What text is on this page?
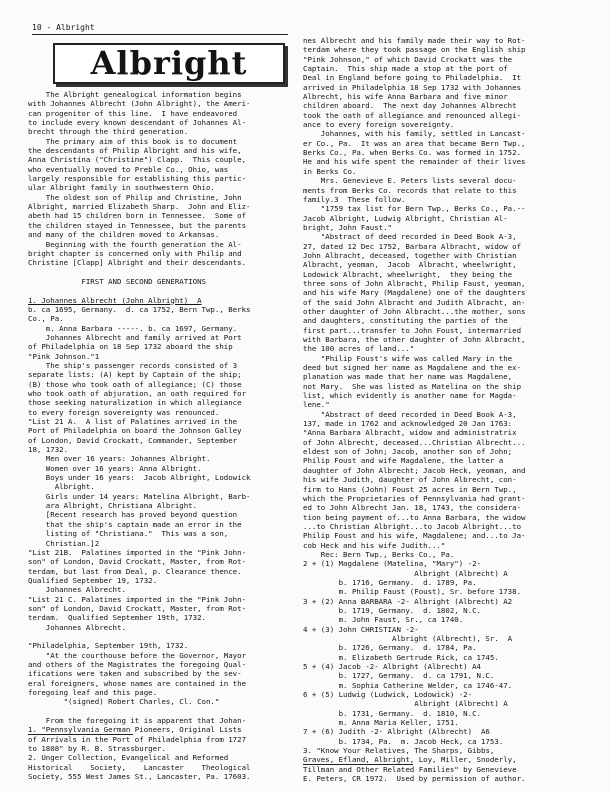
10 - Albright
Albright
The Albright genealogical information begins
with Johannes Albrecht (John Albright), the Ameri-
can progenitor of this line.  I have endeavored
to include every known descendant of Johannes Al-
brecht through the third generation.
The primary aim of this book is to document
the descendants of Philip Albright and his wife,
Anna Christina ("Christine") Clapp.  This couple,
who eventually moved to Preble Co., Ohio, was
largely responsible for establishing this partic-
ular Albright family in southwestern Ohio.
The oldest son of Philip and Christine, John
Albright, married Elizabeth Sharp.  John and Eliz-
abeth had 15 children born in Tennessee.  Some of
the children stayed in Tennessee, but the parents
and many of the children moved to Arkansas.
Beginning with the fourth generation the Al-
bright chapter is concerned only with Philip and
Christine [Clapp] Albright and their descendants.
FIRST AND SECOND GENERATIONS
1. Johannes Albrecht (John Albright)  A
b. ca 1695, Germany.  d. ca 1752, Bern Twp., Berks
Co., Pa.
m. Anna Barbara -----. b. ca 1697, Germany.
Johannes Albrecht and family arrived at Port
of Philadelphia on 18 Sep 1732 aboard the ship
"Pink Johnson."1
The ship's passenger records consisted of 3
separate lists: (A) kept by Captain of the ship;
(B) those who took oath of allegiance; (C) those
who took oath of abjuration, an oath required for
those seeking naturalization in which allegiance
to every foreign sovereignty was renounced.
"List 21 A.  A list of Palatines arrived in the
Port of Philadelphia on board the Johnson Galley
of London, David Crockatt, Commander, September
18, 1732.
Men over 16 years: Johannes Albright.
Women over 16 years: Anna Albright.
Boys under 16 years:  Jacob Albright, Lodowick
Albright.
Girls under 14 years: Matelina Albright, Barb-
ara Albright, Christiana Albright.
[Recent research has proved beyond question
that the ship's captain made an error in the
listing of "Christiana."  This was a son,
Christian.]2
"List 21B.  Palatines imported in the "Pink John-
son" of London, David Crockatt, Master, from Rot-
terdam, but last from Deal, p. Clearance thence.
Qualified September 19, 1732.
Johannes Albrecht.
"List 21 C. Palatines imported in the "Pink John-
son" of London, David Crockatt, Master, from Rot-
terdam.  Qualified September 19th, 1732.
Johannes Albrecht.
"Philadelphia, September 19th, 1732.
"At the courthouse before the Governor, Mayor
and others of the Magistrates the foregoing Qual-
ifications were taken and subscribed by the sev-
eral foreigners, whose names are contained in the
foregoing leaf and this page.
"(signed) Robert Charles, Cl. Con."
From the foregoing it is apparent that Johan-
1. "Pennsylvania German Pioneers, Original Lists
of Arrivals in the Port of Philadelphia from 1727
to 1808" by R. B. Strassburger.
2. Unger Collection, Evangelical and Reformed
Historical    Society,    Lancaster    Theological
Society, 555 West James St., Lancaster, Pa. 17603.
nes Albrecht and his family made their way to Rot-
terdam where they took passage on the English ship
"Pink Johnson," of which David Crockatt was the
Captain.  This ship made a stop at the port of
Deal in England before going to Philadelphia.  It
arrived in Philadelphia 18 Sep 1732 with Johannes
Albrecht, his wife Anna Barbara and five minor
children aboard.  The next day Johannes Albrecht
took the oath of allegiance and renounced allegi-
ance to every foreign sovereignty.
Johannes, with his family, settled in Lancast-
er Co., Pa.  It was an area that became Bern Twp.,
Berks Co., Pa. when Berks Co. was formed in 1752.
He and his wife spent the remainder of their lives
in Berks Co.
Mrs. Genevieve E. Peters lists several docu-
ments from Berks Co. records that relate to this
family.3  These follow.
"1759 tax list for Bern Twp., Berks Co., Pa.--
Jacob Albright, Ludwig Albright, Christian Al-
bright, John Faust."
"Abstract of deed recorded in Deed Book A-3,
27, dated 12 Dec 1752, Barbara Albracht, widow of
John Albracht, deceased, together with Christian
Albracht, yeoman,  Jacob  Albracht, wheelwright,
Lodowick Albracht, wheelwright,  they being the
three sons of John Albracht, Philip Faust, yeoman,
and his wife Mary (Magdalene) one of the daughters
of the said John Albracht and Judith Albracht, an-
other daughter of John Albracht...the mother, sons
and daughters, constituting the parties of the
first part...transfer to John Foust, intermarried
with Barbara, the other daughter of John Albracht,
the 100 acres of land..."
"Philip Foust's wife was called Mary in the
deed but signed her name as Magdalene and the ex-
planation was made that her name was Magdalene,
not Mary.  She was listed as Matelina on the ship
list, which evidently is another name for Magda-
lene."
"Abstract of deed recorded in Deed Book A-3,
137, made in 1762 and acknowledged 20 Jan 1763:
"Anna Barbara Albracht, widow and administratrix
of John Albrecht, deceased...Christian Albrecht...
eldest son of John; Jacob, another son of John;
Philip Foust and wife Magdalene, the latter a
daughter of John Albrecht; Jacob Heck, yeoman, and
his wife Judith, daughter of John Albrecht, con-
firm to Hans (John) Foust 25 acres in Bern Twp.,
which the Proprietaries of Pennsylvania had grant-
ed to John Albrecht Jan. 18, 1743, the considera-
tion being payment of...to Anna Barbara, the widow
...to Christian Albright...to Jacob Albright...to
Philip Foust and his wife, Magdalene; and...to Ja-
cob Heck and his wife Judith..."
Rec: Bern Twp., Berks Co., Pa.
2 + (1) Magdalene (Matelina, "Mary") -2-
Albright (Albrecht) A
b. 1716, Germany.  d. 1789, Pa.
m. Philip Faust (Foust), Sr. before 1738.
3 + (2) Anna BARBARA -2- Albright (Albrecht) A2
b. 1719, Germany.  d. 1802, N.C.
m. John Faust, Sr., ca 1740.
4 + (3) John CHRISTIAN -2-
Albright (Albrecht), Sr.  A
b. 1726, Germany.  d. 1784, Pa.
m. Elizabeth Gertrude Rick, ca 1745.
5 + (4) Jacob -2- Albright (Albrecht) A4
b. 1727, Germany.  d. ca 1791, N.C.
m. Sophia Catherine Welder, ca 1746-47.
6 + (5) Ludwig (Ludwick, Lodowick) -2-
Albright (Albrecht) A
b. 1731, Germany.  d. 1810, N.C.
m. Anna Maria Keller, 1751.
7 + (6) Judith -2- Albright (Albrecht)  A6
b. 1734, Pa.  m. Jacob Heck, ca 1753.
3. "Know Your Relatives, The Sharps, Gibbs,
Graves, Efland, Albright, Loy, Miller, Snoderly,
Tillman and Other Related Families" by Genevieve
E. Peters, CR 1972.  Used by permission of author.
